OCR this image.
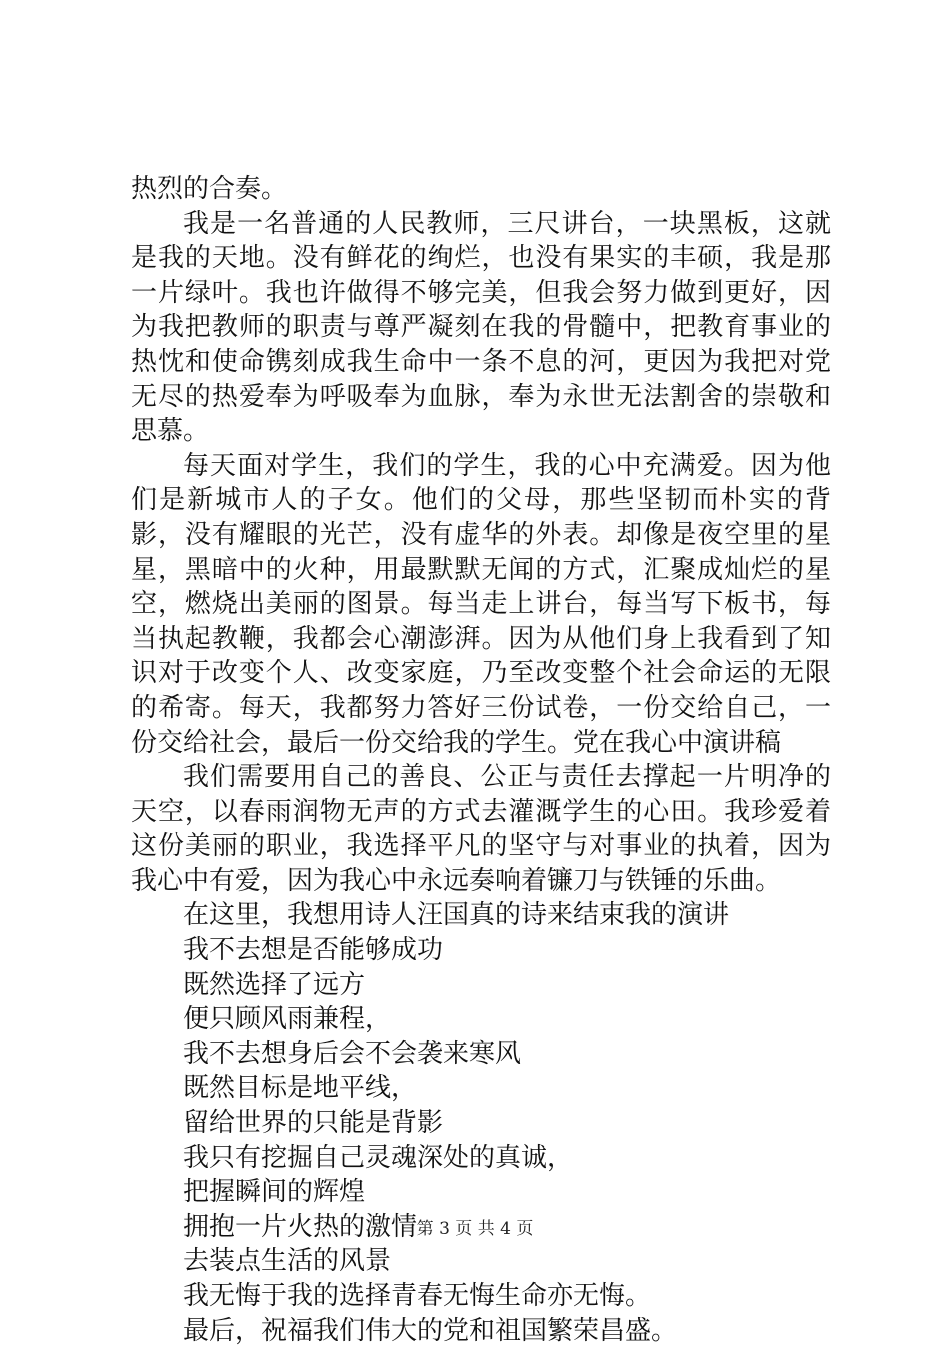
热烈的合奏。

我是一名普通的人民教师，三尺讲台，一块黑板，这就是我的天地。没有鲜花的绚烂，也没有果实的丰硕，我是那一片绿叶。我也许做得不够完美，但我会努力做到更好，因为我把教师的职责与尊严凝刻在我的骨髓中，把教育事业的热忱和使命镌刻成我生命中一条不息的河，更因为我把对党无尽的热爱奉为呼吸奉为血脉，奉为永世无法割舍的崇敬和思慕。

每天面对学生，我们的学生，我的心中充满爱。因为他们是新城市人的子女。他们的父母，那些坚韧而朴实的背影，没有耀眼的光芒，没有虚华的外表。却像是夜空里的星星，黑暗中的火种，用最默默无闻的方式，汇聚成灿烂的星空，燃烧出美丽的图景。每当走上讲台，每当写下板书，每当执起教鞭，我都会心潮澎湃。因为从他们身上我看到了知识对于改变个人、改变家庭，乃至改变整个社会命运的无限的希寄。每天，我都努力答好三份试卷，一份交给自己，一份交给社会，最后一份交给我的学生。党在我心中演讲稿

我们需要用自己的善良、公正与责任去撑起一片明净的天空，以春雨润物无声的方式去灌溉学生的心田。我珍爱着这份美丽的职业，我选择平凡的坚守与对事业的执着，因为我心中有爱，因为我心中永远奏响着镰刀与铁锤的乐曲。

在这里，我想用诗人汪国真的诗来结束我的演讲

我不去想是否能够成功

既然选择了远方

便只顾风雨兼程，

我不去想身后会不会袭来寒风

既然目标是地平线，

留给世界的只能是背影

我只有挖掘自己灵魂深处的真诚，

把握瞬间的辉煌

拥抱一片火热的激情

去装点生活的风景

我无悔于我的选择青春无悔生命亦无悔。

最后，祝福我们伟大的党和祖国繁荣昌盛。

第 3 页 共 4 页
